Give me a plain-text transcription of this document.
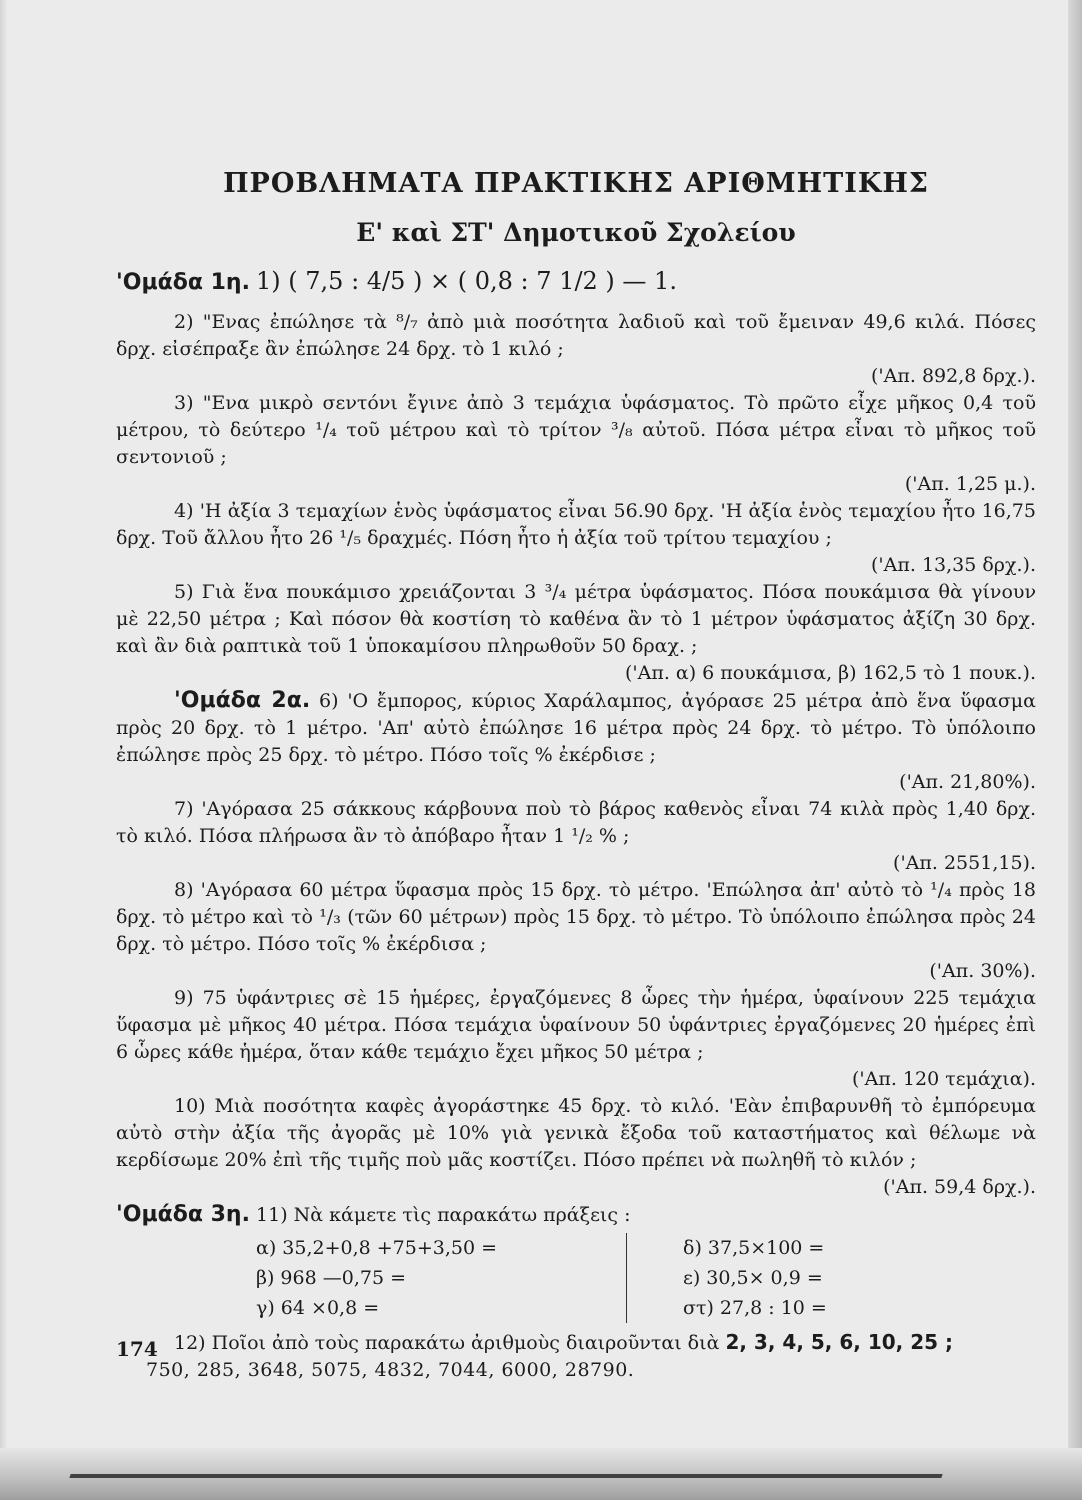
ΠΡΟΒΛΗΜΑΤΑ ΠΡΑΚΤΙΚΗΣ ΑΡΙΘΜΗΤΙΚΗΣ
Ε' καὶ ΣΤ' Δημοτικοῦ Σχολείου

'Ομάδα 1η. 1) ( 7,5 : 4/5 ) × ( 0,8 : 7 1/2 ) — 1.

2) "Ενας ἐπώλησε τὰ ⁸/₇ ἀπὸ μιὰ ποσότητα λαδιοῦ καὶ τοῦ ἔμειναν 49,6 κιλά. Πόσες δρχ. εἰσέπραξε ἂν ἐπώλησε 24 δρχ. τὸ 1 κιλό ;
('Απ. 892,8 δρχ.).

3) "Ενα μικρὸ σεντόνι ἔγινε ἀπὸ 3 τεμάχια ὑφάσματος. Τὸ πρῶτο εἶχε μῆκος 0,4 τοῦ μέτρου, τὸ δεύτερο ¹/₄ τοῦ μέτρου καὶ τὸ τρίτον ³/₈ αὐτοῦ. Πόσα μέτρα εἶναι τὸ μῆκος τοῦ σεντονιοῦ ;
('Απ. 1,25 μ.).

4) 'Η ἀξία 3 τεμαχίων ἑνὸς ὑφάσματος εἶναι 56.90 δρχ. 'Η ἀξία ἑνὸς τεμαχίου ἦτο 16,75 δρχ. Τοῦ ἄλλου ἦτο 26 ¹/₅ δραχμές. Πόση ἦτο ἡ ἀξία τοῦ τρίτου τεμαχίου ;
('Απ. 13,35 δρχ.).

5) Γιὰ ἕνα πουκάμισο χρειάζονται 3 ³/₄ μέτρα ὑφάσματος. Πόσα πουκάμισα θὰ γίνουν μὲ 22,50 μέτρα ; Καὶ πόσον θὰ κοστίση τὸ καθένα ἂν τὸ 1 μέτρον ὑφάσματος ἀξίζη 30 δρχ. καὶ ἂν διὰ ραπτικὰ τοῦ 1 ὑποκαμίσου πληρωθοῦν 50 δραχ. ;
('Απ. α) 6 πουκάμισα, β) 162,5 τὸ 1 πουκ.).

'Ομάδα 2α. 6) 'Ο ἔμπορος, κύριος Χαράλαμπος, ἀγόρασε 25 μέτρα ἀπὸ ἕνα ὕφασμα πρὸς 20 δρχ. τὸ 1 μέτρο. 'Απ' αὐτὸ ἐπώλησε 16 μέτρα πρὸς 24 δρχ. τὸ μέτρο. Τὸ ὑπόλοιπο ἐπώλησε πρὸς 25 δρχ. τὸ μέτρο. Πόσο τοῖς % ἐκέρδισε ;
('Απ. 21,80%).

7) 'Αγόρασα 25 σάκκους κάρβουνα ποὺ τὸ βάρος καθενὸς εἶναι 74 κιλὰ πρὸς 1,40 δρχ. τὸ κιλό. Πόσα πλήρωσα ἂν τὸ ἀπόβαρο ἦταν 1 ¹/₂ % ;
('Απ. 2551,15).

8) 'Αγόρασα 60 μέτρα ὕφασμα πρὸς 15 δρχ. τὸ μέτρο. 'Επώλησα ἀπ' αὐτὸ τὸ ¹/₄ πρὸς 18 δρχ. τὸ μέτρο καὶ τὸ ¹/₃ (τῶν 60 μέτρων) πρὸς 15 δρχ. τὸ μέτρο. Τὸ ὑπόλοιπο ἐπώλησα πρὸς 24 δρχ. τὸ μέτρο. Πόσο τοῖς % ἐκέρδισα ;
('Απ. 30%).

9) 75 ὑφάντριες σὲ 15 ἡμέρες, ἐργαζόμενες 8 ὧρες τὴν ἡμέρα, ὑφαίνουν 225 τεμάχια ὕφασμα μὲ μῆκος 40 μέτρα. Πόσα τεμάχια ὑφαίνουν 50 ὑφάντριες ἐργαζόμενες 20 ἡμέρες ἐπὶ 6 ὧρες κάθε ἡμέρα, ὅταν κάθε τεμάχιο ἔχει μῆκος 50 μέτρα ;
('Απ. 120 τεμάχια).

10) Μιὰ ποσότητα καφὲς ἀγοράστηκε 45 δρχ. τὸ κιλό. 'Εὰν ἐπιβαρυνθῆ τὸ ἐμπόρευμα αὐτὸ στὴν ἀξία τῆς ἀγορᾶς μὲ 10% γιὰ γενικὰ ἔξοδα τοῦ καταστήματος καὶ θέλωμε νὰ κερδίσωμε 20% ἐπὶ τῆς τιμῆς ποὺ μᾶς κοστίζει. Πόσο πρέπει νὰ πωληθῆ τὸ κιλόν ;
('Απ. 59,4 δρχ.).

'Ομάδα 3η. 11) Νὰ κάμετε τὶς παρακάτω πράξεις :

α) 35,2+0,8 +75+3,50 =	δ) 37,5×100 =
β) 968 —0,75 =	ε) 30,5× 0,9 =
γ) 64 ×0,8 =	στ) 27,8 : 10 =

12) Ποῖοι ἀπὸ τοὺς παρακάτω ἀριθμοὺς διαιροῦνται διὰ 2, 3, 4, 5, 6, 10, 25 ;

750, 285, 3648, 5075, 4832, 7044, 6000, 28790.

174
